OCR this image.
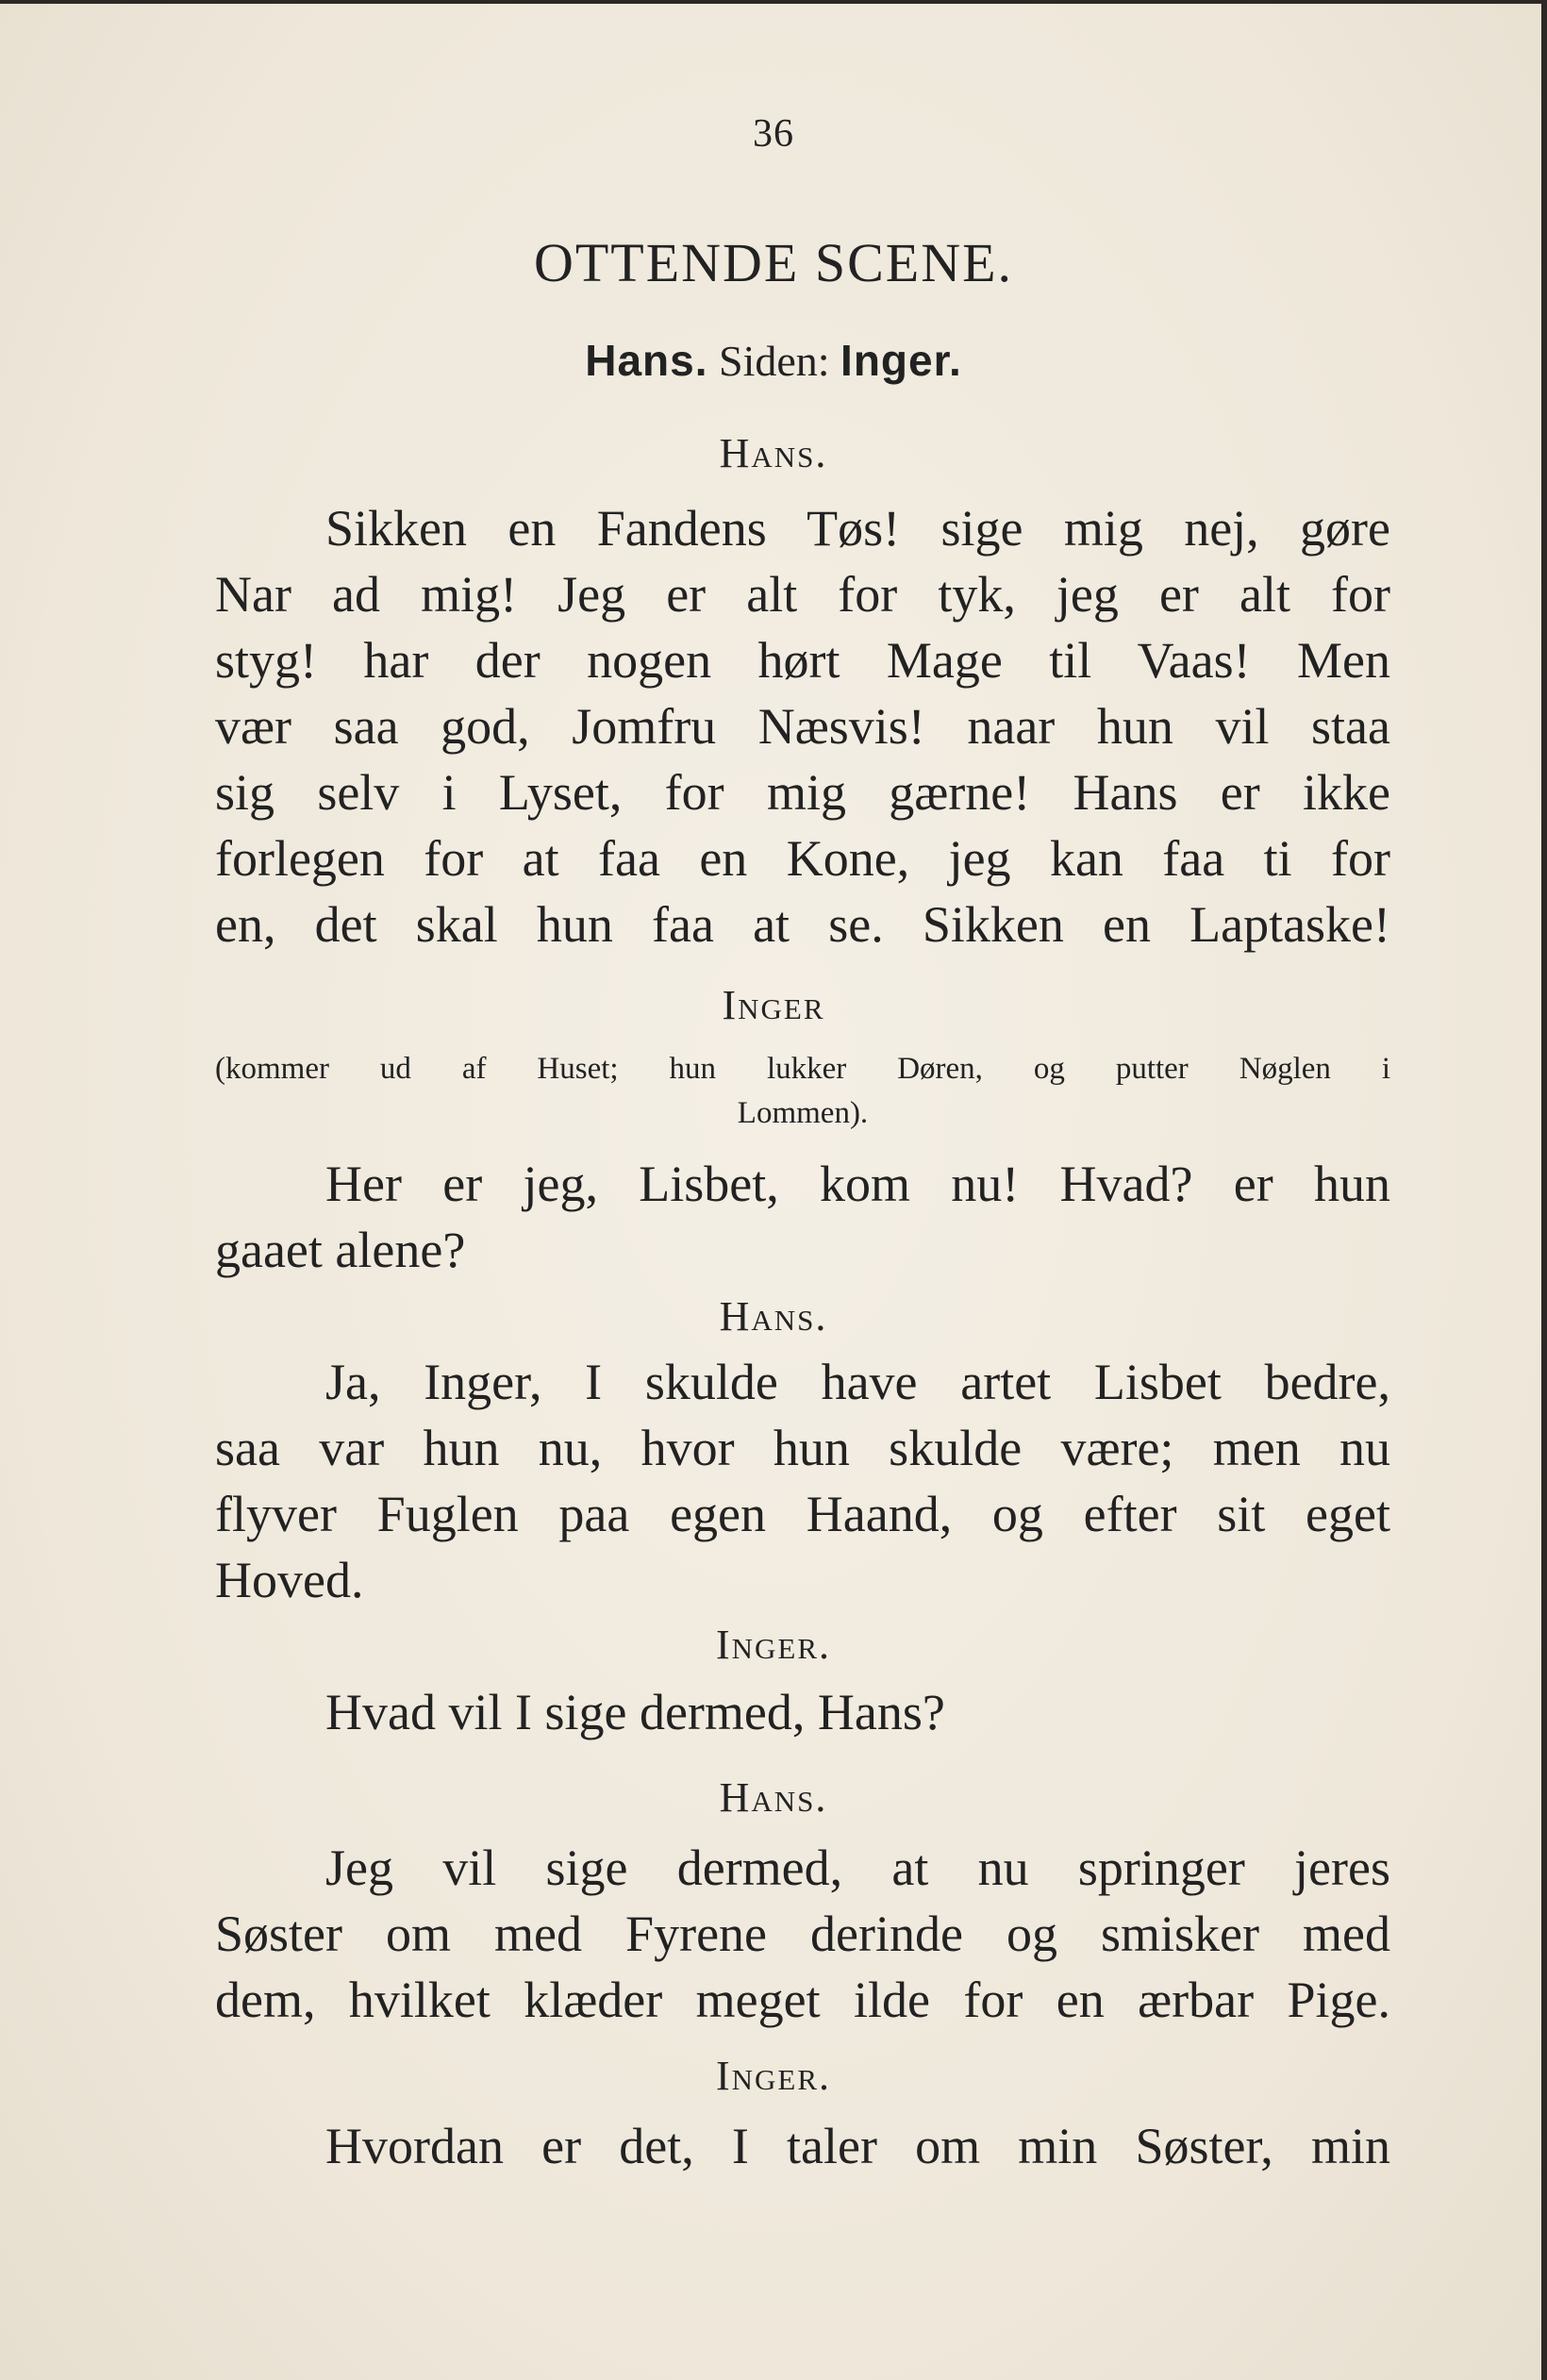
36
OTTENDE SCENE.
Hans. Siden: Inger.
Hans.
Sikken en Fandens Tøs! sige mig nej, gøre
Nar ad mig! Jeg er alt for tyk, jeg er alt for
styg! har der nogen hørt Mage til Vaas! Men
vær saa god, Jomfru Næsvis! naar hun vil staa
sig selv i Lyset, for mig gærne! Hans er ikke
forlegen for at faa en Kone, jeg kan faa ti for
en, det skal hun faa at se. Sikken en Laptaske!
Inger
(kommer ud af Huset; hun lukker Døren, og putter Nøglen i
Lommen).
Her er jeg, Lisbet, kom nu! Hvad? er hun
gaaet alene?
Hans.
Ja, Inger, I skulde have artet Lisbet bedre,
saa var hun nu, hvor hun skulde være; men nu
flyver Fuglen paa egen Haand, og efter sit eget
Hoved.
Inger.
Hvad vil I sige dermed, Hans?
Hans.
Jeg vil sige dermed, at nu springer jeres
Søster om med Fyrene derinde og smisker med
dem, hvilket klæder meget ilde for en ærbar Pige.
Inger.
Hvordan er det, I taler om min Søster, min
